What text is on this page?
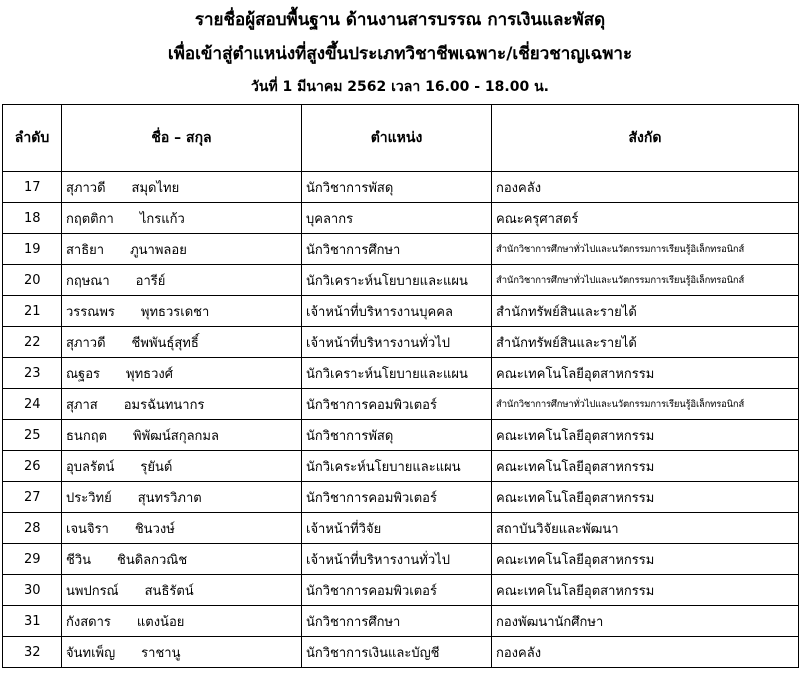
รายชื่อผู้สอบพื้นฐาน ด้านงานสารบรรณ การเงินและพัสดุ
เพื่อเข้าสู่ตำแหน่งที่สูงขึ้นประเภทวิชาชีพเฉพาะ/เชี่ยวชาญเฉพาะ
วันที่ 1 มีนาคม 2562 เวลา 16.00 - 18.00 น.
ลำดับ	ชื่อ – สกุล	ตำแหน่ง	สังกัด
17	สุภาวดี สมุดไทย	นักวิชาการพัสดุ	กองคลัง
18	กฤตติกา ไกรแก้ว	บุคลากร	คณะครุศาสตร์
19	สาธิยา ภูนาพลอย	นักวิชาการศึกษา	สำนักวิชาการศึกษาทั่วไปและนวัตกรรมการเรียนรู้อิเล็กทรอนิกส์
20	กฤษณา อารีย์	นักวิเคราะห์นโยบายและแผน	สำนักวิชาการศึกษาทั่วไปและนวัตกรรมการเรียนรู้อิเล็กทรอนิกส์
21	วรรณพร พุทธวรเดชา	เจ้าหน้าที่บริหารงานบุคคล	สำนักทรัพย์สินและรายได้
22	สุภาวดี ชีพพันธุ์สุทธิ์	เจ้าหน้าที่บริหารงานทั่วไป	สำนักทรัพย์สินและรายได้
23	ณฐอร พุทธวงศ์	นักวิเคราะห์นโยบายและแผน	คณะเทคโนโลยีอุตสาหกรรม
24	สุภาส อมรฉันทนากร	นักวิชาการคอมพิวเตอร์	สำนักวิชาการศึกษาทั่วไปและนวัตกรรมการเรียนรู้อิเล็กทรอนิกส์
25	ธนกฤต พิพัฒน์สกุลกมล	นักวิชาการพัสดุ	คณะเทคโนโลยีอุตสาหกรรม
26	อุบลรัตน์ รุยันต์	นักวิเคระห์นโยบายและแผน	คณะเทคโนโลยีอุตสาหกรรม
27	ประวิทย์ สุนทรวิภาต	นักวิชาการคอมพิวเตอร์	คณะเทคโนโลยีอุตสาหกรรม
28	เจนจิรา ชินวงษ์	เจ้าหน้าที่วิจัย	สถาบันวิจัยและพัฒนา
29	ชีวิน ชินดิลกวณิช	เจ้าหน้าที่บริหารงานทั่วไป	คณะเทคโนโลยีอุตสาหกรรม
30	นพปกรณ์ สนธิรัตน์	นักวิชาการคอมพิวเตอร์	คณะเทคโนโลยีอุตสาหกรรม
31	กังสดาร แตงน้อย	นักวิชาการศึกษา	กองพัฒนานักศึกษา
32	จันทเพ็ญ ราชานู	นักวิชาการเงินและบัญชี	กองคลัง
